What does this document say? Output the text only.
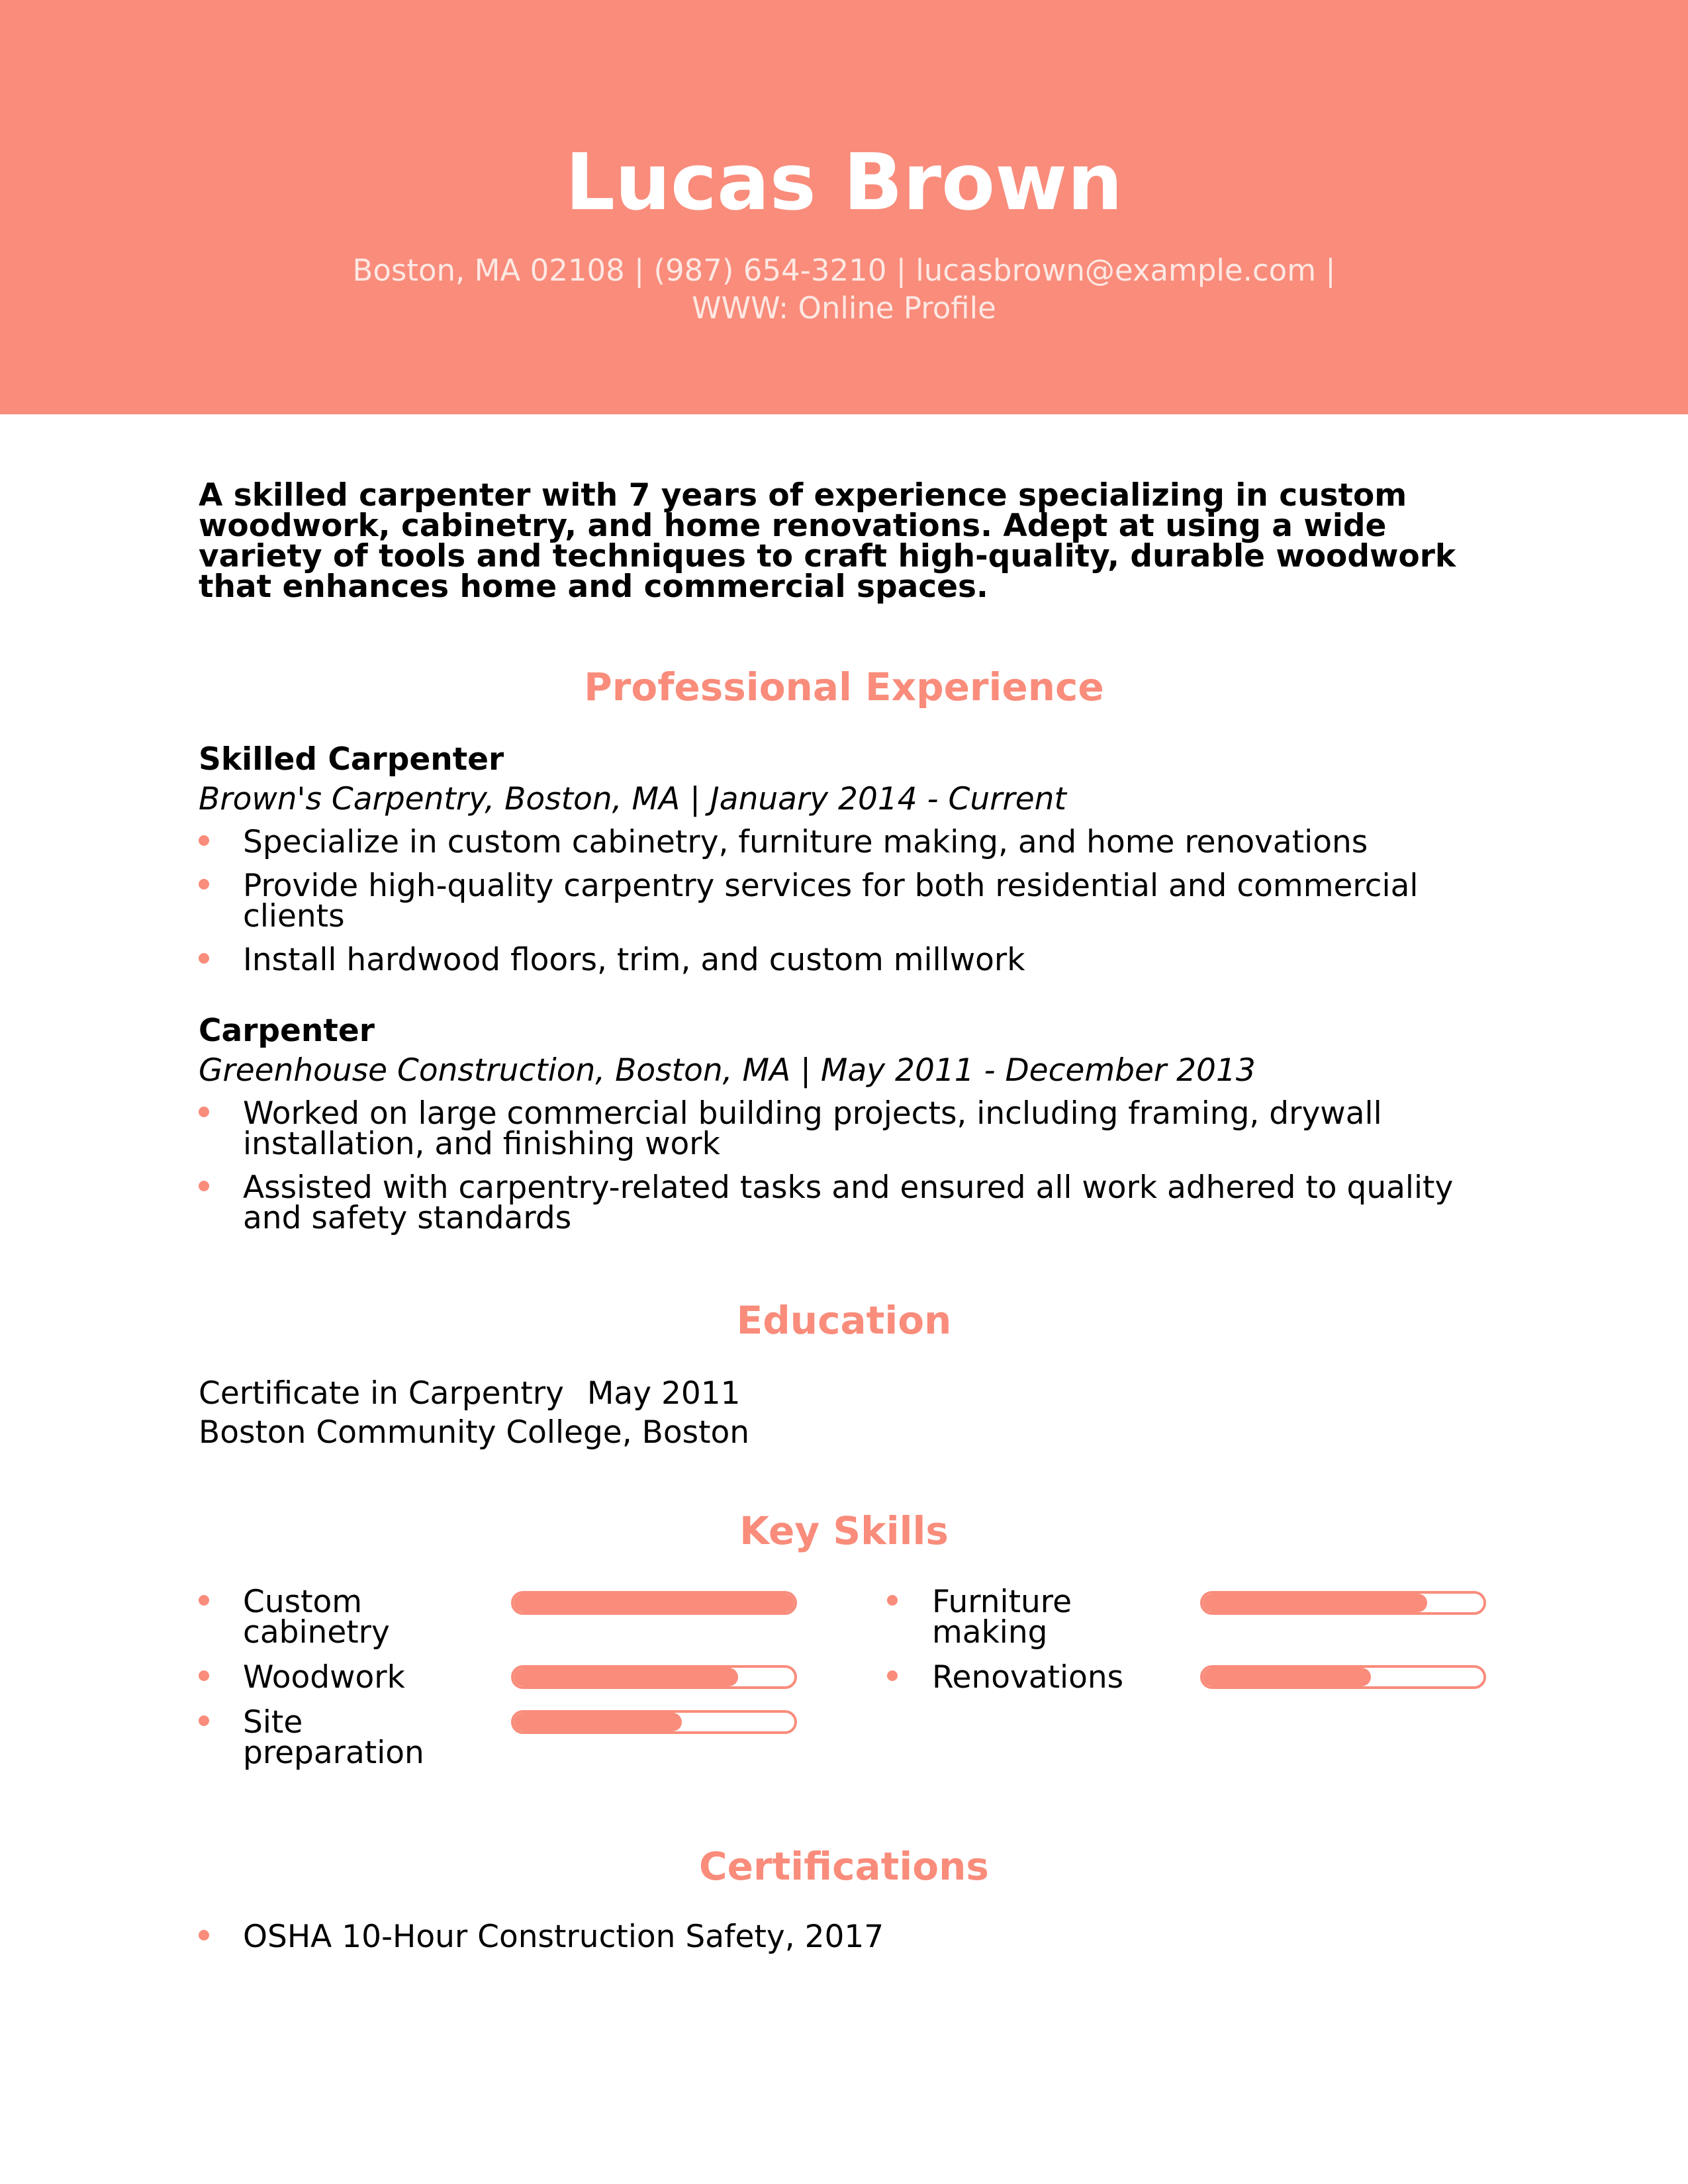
Lucas Brown
Boston, MA 02108 | (987) 654-3210 | lucasbrown@example.com |
WWW: Online Profile

A skilled carpenter with 7 years of experience specializing in custom woodwork, cabinetry, and home renovations. Adept at using a wide variety of tools and techniques to craft high-quality, durable woodwork that enhances home and commercial spaces.

Professional Experience
Skilled Carpenter
Brown's Carpentry, Boston, MA | January 2014 - Current
Specialize in custom cabinetry, furniture making, and home renovations
Provide high-quality carpentry services for both residential and commercial clients
Install hardwood floors, trim, and custom millwork
Carpenter
Greenhouse Construction, Boston, MA | May 2011 - December 2013
Worked on large commercial building projects, including framing, drywall installation, and finishing work
Assisted with carpentry-related tasks and ensured all work adhered to quality and safety standards
Education
Certificate in Carpentry May 2011
Boston Community College, Boston
Key Skills
Custom cabinetry
Furniture making
Woodwork	Renovations
Site preparation
Certifications
OSHA 10-Hour Construction Safety, 2017
